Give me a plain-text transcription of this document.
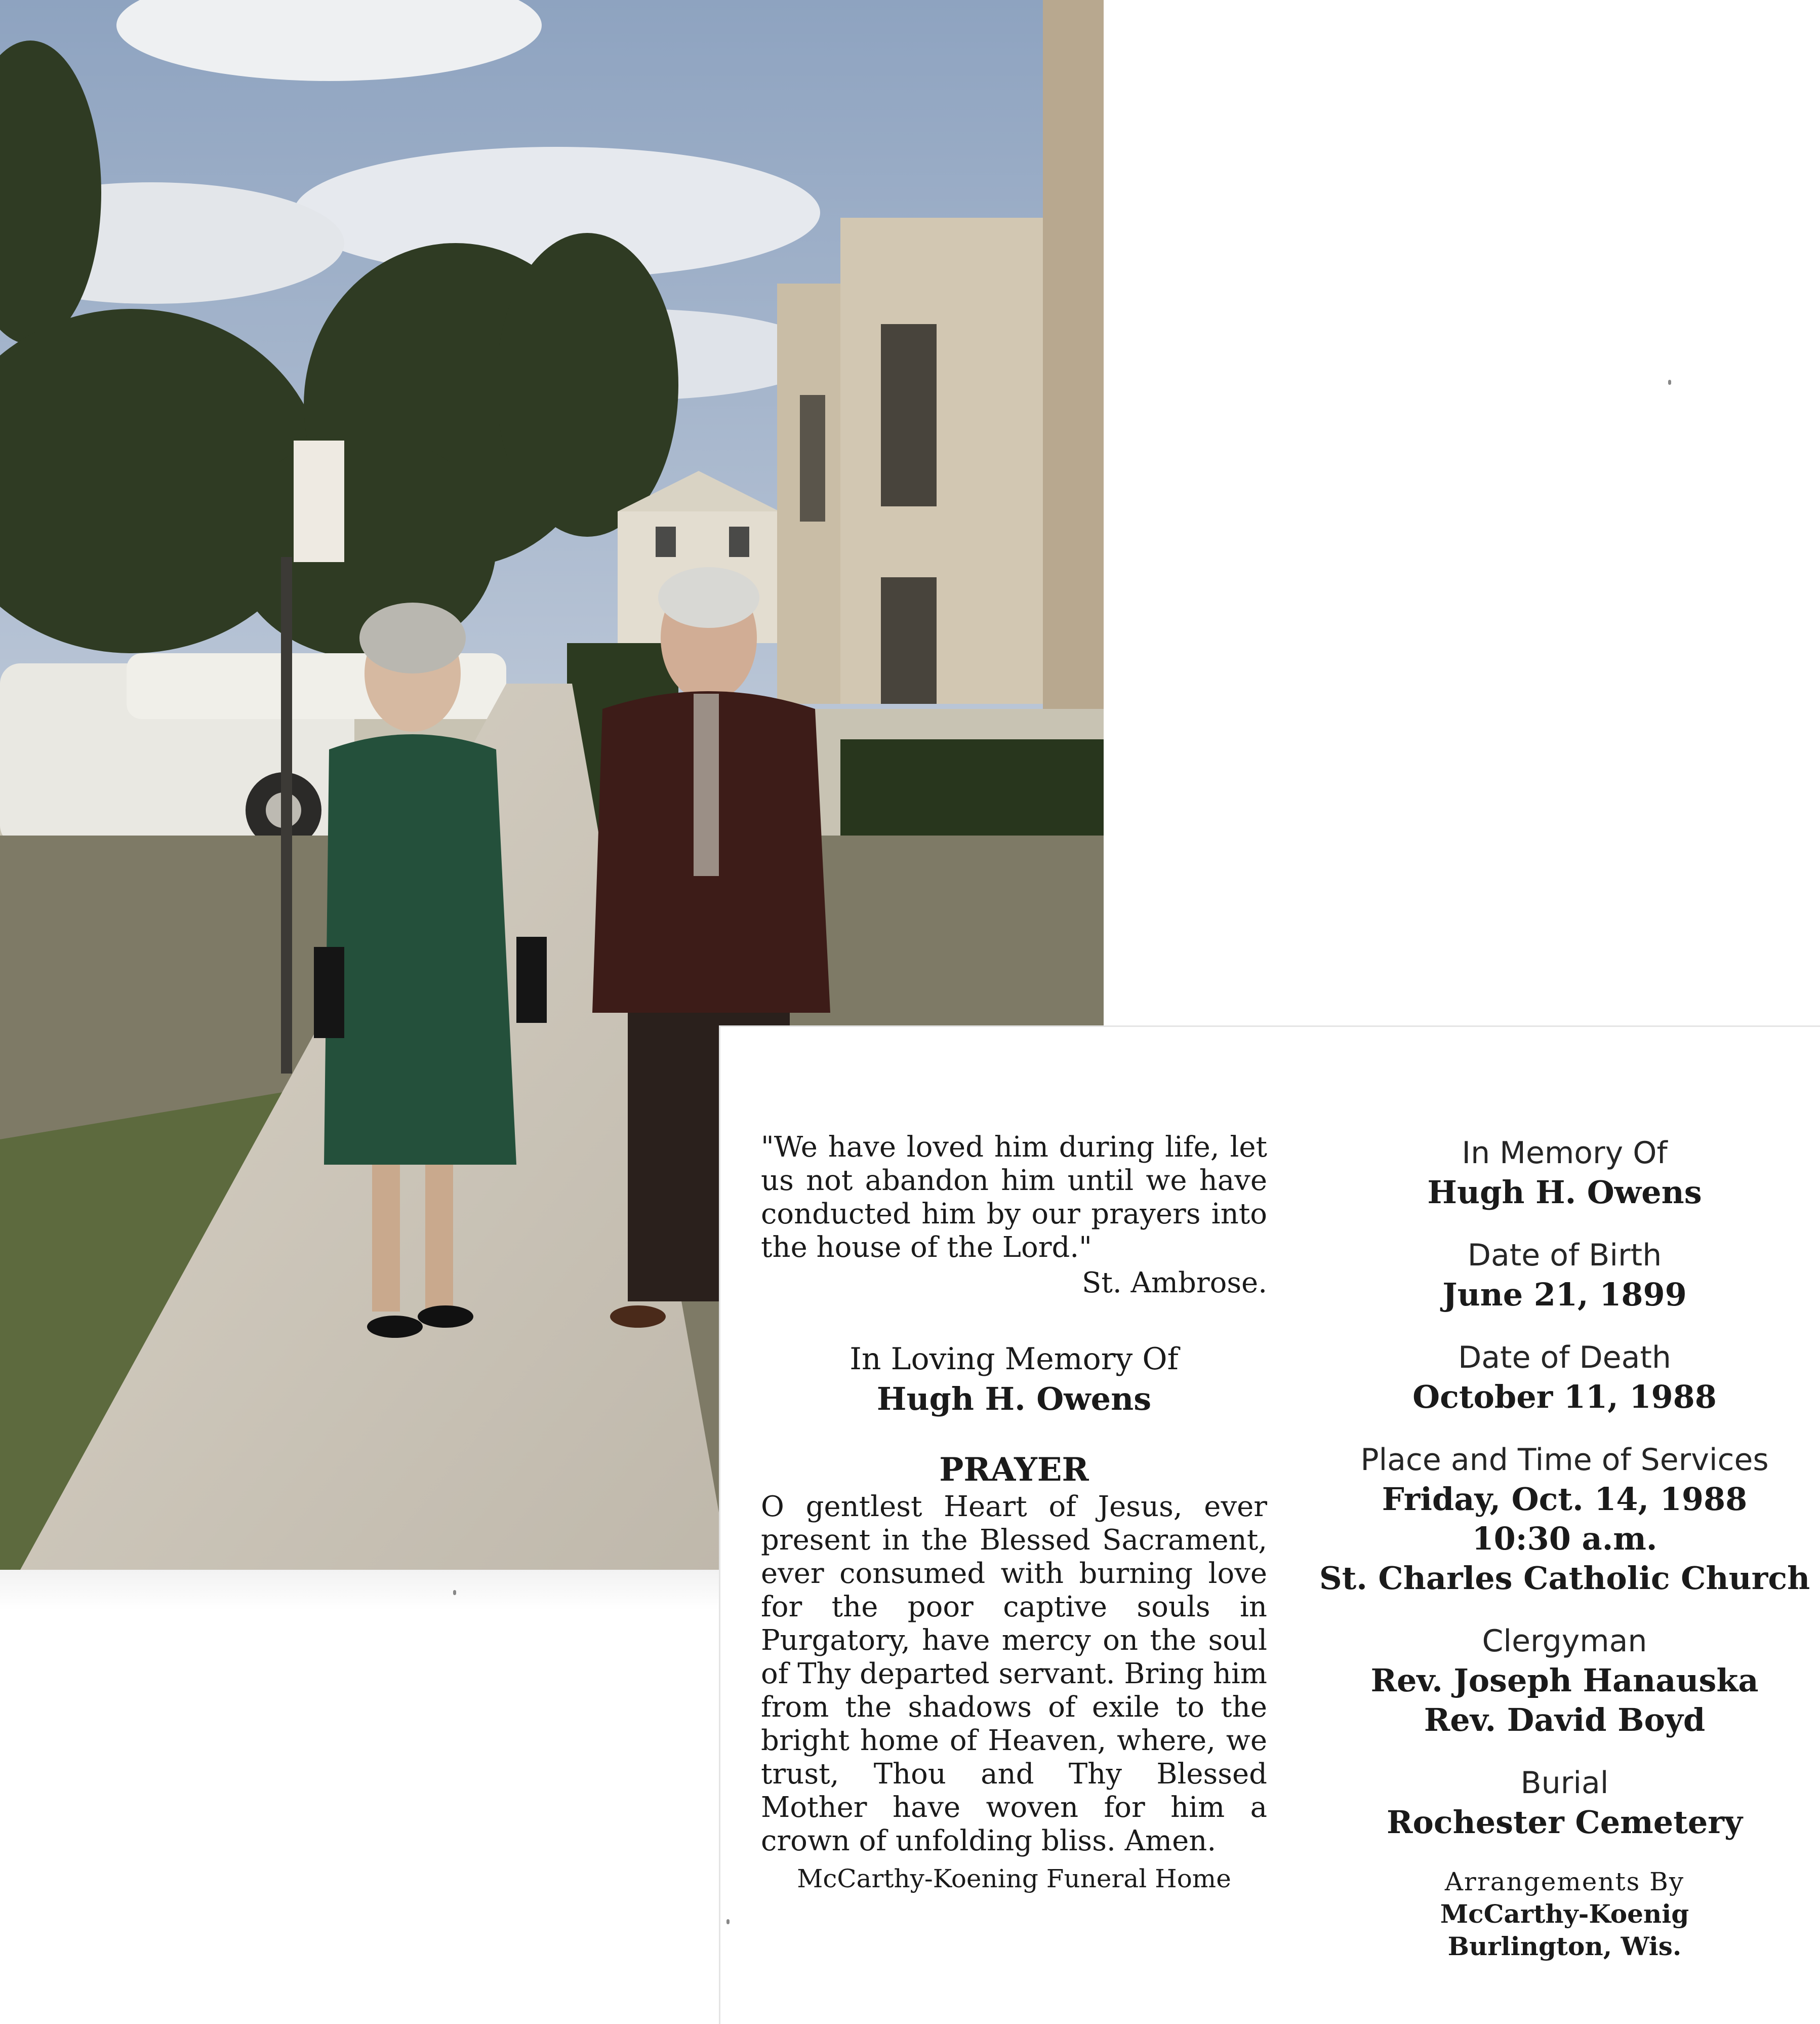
"We have loved him during life, let us not abandon him until we have conducted him by our prayers into the house of the Lord."

St. Ambrose.

In Loving Memory Of
Hugh H. Owens
PRAYER

O gentlest Heart of Jesus, ever present in the Blessed Sacrament, ever consumed with burning love for the poor captive souls in Purgatory, have mercy on the soul of Thy departed servant. Bring him from the shadows of exile to the bright home of Heaven, where, we trust, Thou and Thy Blessed Mother have woven for him a crown of unfolding bliss. Amen.

McCarthy-Koening Funeral Home
In Memory Of
Hugh H. Owens
Date of Birth
June 21, 1899
Date of Death
October 11, 1988
Place and Time of Services
Friday, Oct. 14, 1988
10:30 a.m.
St. Charles Catholic Church
Clergyman
Rev. Joseph Hanauska
Rev. David Boyd
Burial
Rochester Cemetery
Arrangements By
McCarthy-Koenig
Burlington, Wis.
